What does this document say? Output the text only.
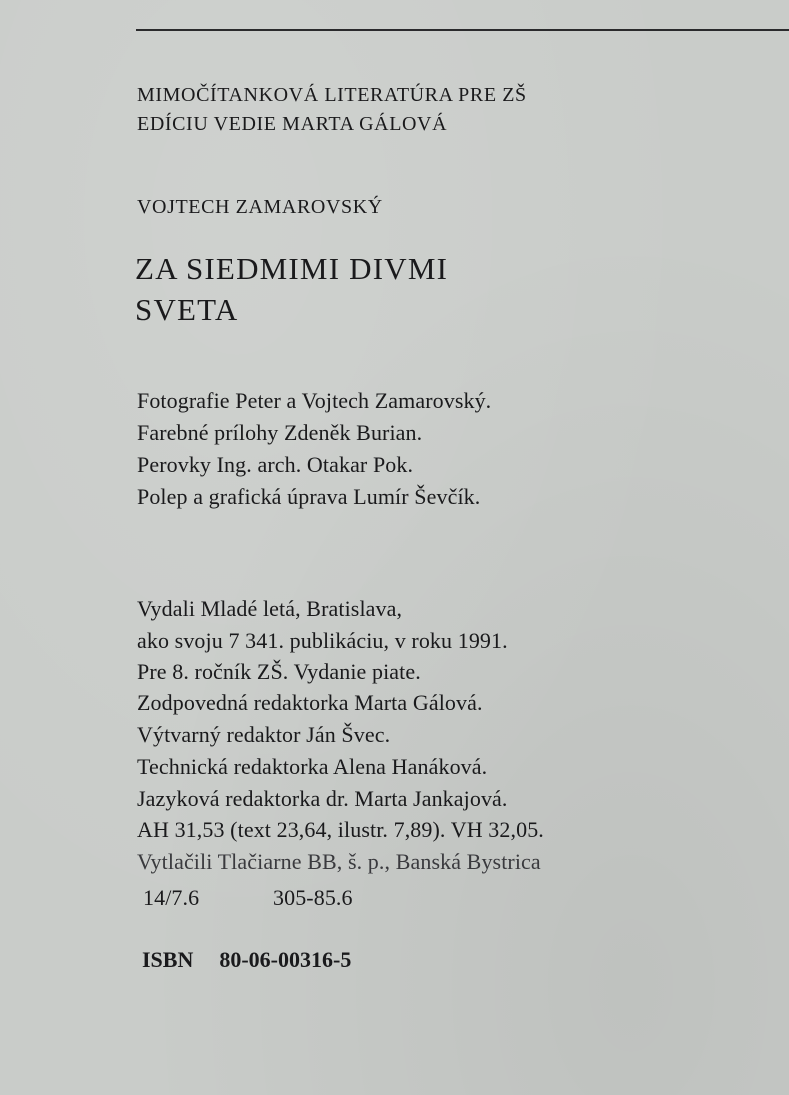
MIMOČÍTANKOVÁ LITERATÚRA PRE ZŠ
EDÍCIU VEDIE MARTA GÁLOVÁ
VOJTECH ZAMAROVSKÝ
ZA SIEDMIMI DIVMI
SVETA
Fotografie Peter a Vojtech Zamarovský.
Farebné prílohy Zdeněk Burian.
Perovky Ing. arch. Otakar Pok.
Polep a grafická úprava Lumír Ševčík.
Vydali Mladé letá, Bratislava,
ako svoju 7 341. publikáciu, v roku 1991.
Pre 8. ročník ZŠ. Vydanie piate.
Zodpovedná redaktorka Marta Gálová.
Výtvarný redaktor Ján Švec.
Technická redaktorka Alena Hanáková.
Jazyková redaktorka dr. Marta Jankajová.
AH 31,53 (text 23,64, ilustr. 7,89). VH 32,05.
Vytlačili Tlačiarne BB, š. p., Banská Bystrica
14/7.6	305-85.6
ISBN 80-06-00316-5
